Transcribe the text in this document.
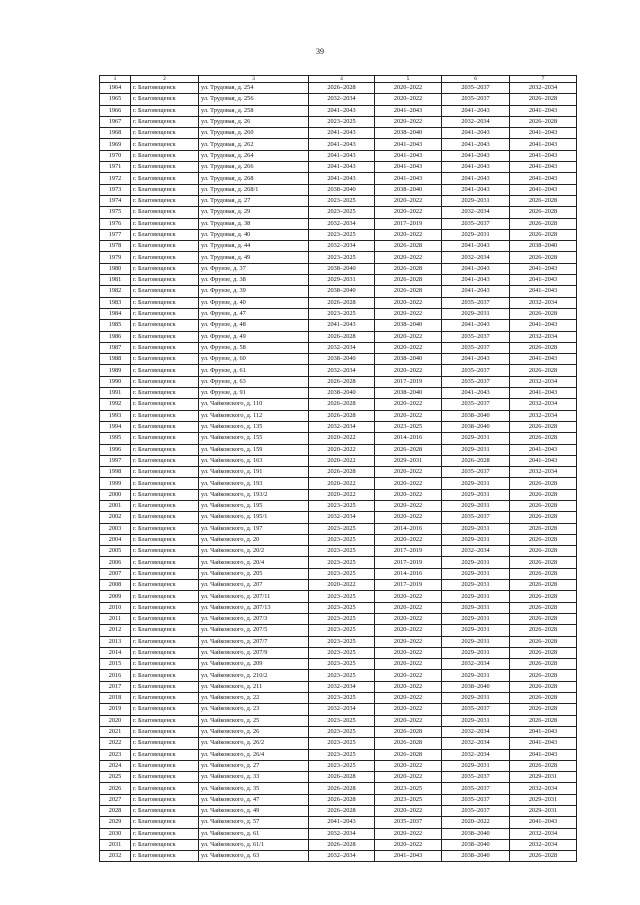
39
1	2	3	4	5	6	7
1964	г. Благовещенск	ул. Трудовая, д. 254	2026–2028	2020–2022	2035–2037	2032–2034
1965	г. Благовещенск	ул. Трудовая, д. 256	2032–2034	2020–2022	2035–2037	2026–2028
1966	г. Благовещенск	ул. Трудовая, д. 258	2041–2043	2041–2043	2041–2043	2041–2043
1967	г. Благовещенск	ул. Трудовая, д. 26	2023–2025	2020–2022	2032–2034	2026–2028
1968	г. Благовещенск	ул. Трудовая, д. 260	2041–2043	2038–2040	2041–2043	2041–2043
1969	г. Благовещенск	ул. Трудовая, д. 262	2041–2043	2041–2043	2041–2043	2041–2043
1970	г. Благовещенск	ул. Трудовая, д. 264	2041–2043	2041–2043	2041–2043	2041–2043
1971	г. Благовещенск	ул. Трудовая, д. 266	2041–2043	2041–2043	2041–2043	2041–2043
1972	г. Благовещенск	ул. Трудовая, д. 268	2041–2043	2041–2043	2041–2043	2041–2043
1973	г. Благовещенск	ул. Трудовая, д. 268/1	2038–2040	2038–2040	2041–2043	2041–2043
1974	г. Благовещенск	ул. Трудовая, д. 27	2023–2025	2020–2022	2029–2031	2026–2028
1975	г. Благовещенск	ул. Трудовая, д. 29	2023–2025	2020–2022	2032–2034	2026–2028
1976	г. Благовещенск	ул. Трудовая, д. 38	2032–2034	2017–2019	2035–2037	2026–2028
1977	г. Благовещенск	ул. Трудовая, д. 40	2023–2025	2020–2022	2029–2031	2026–2028
1978	г. Благовещенск	ул. Трудовая, д. 44	2032–2034	2026–2028	2041–2043	2038–2040
1979	г. Благовещенск	ул. Трудовая, д. 49	2023–2025	2020–2022	2032–2034	2026–2028
1980	г. Благовещенск	ул. Фрунзе, д. 37	2038–2040	2026–2028	2041–2043	2041–2043
1981	г. Благовещенск	ул. Фрунзе, д. 38	2029–2031	2026–2028	2041–2043	2041–2043
1982	г. Благовещенск	ул. Фрунзе, д. 39	2038–2040	2026–2028	2041–2043	2041–2043
1983	г. Благовещенск	ул. Фрунзе, д. 40	2026–2028	2020–2022	2035–2037	2032–2034
1984	г. Благовещенск	ул. Фрунзе, д. 47	2023–2025	2020–2022	2029–2031	2026–2028
1985	г. Благовещенск	ул. Фрунзе, д. 48	2041–2043	2038–2040	2041–2043	2041–2043
1986	г. Благовещенск	ул. Фрунзе, д. 49	2026–2028	2020–2022	2035–2037	2032–2034
1987	г. Благовещенск	ул. Фрунзе, д. 58	2032–2034	2020–2022	2035–2037	2026–2028
1988	г. Благовещенск	ул. Фрунзе, д. 60	2038–2040	2038–2040	2041–2043	2041–2043
1989	г. Благовещенск	ул. Фрунзе, д. 61	2032–2034	2020–2022	2035–2037	2026–2028
1990	г. Благовещенск	ул. Фрунзе, д. 63	2026–2028	2017–2019	2035–2037	2032–2034
1991	г. Благовещенск	ул. Фрунзе, д. 91	2038–2040	2038–2040	2041–2043	2041–2043
1992	г. Благовещенск	ул. Чайковского, д. 110	2026–2028	2020–2022	2035–2037	2032–2034
1993	г. Благовещенск	ул. Чайковского, д. 112	2026–2028	2020–2022	2038–2040	2032–2034
1994	г. Благовещенск	ул. Чайковского, д. 135	2032–2034	2023–2025	2038–2040	2026–2028
1995	г. Благовещенск	ул. Чайковского, д. 155	2020–2022	2014–2016	2029–2031	2026–2028
1996	г. Благовещенск	ул. Чайковского, д. 159	2020–2022	2026–2028	2029–2031	2041–2043
1997	г. Благовещенск	ул. Чайковского, д. 163	2020–2022	2029–2031	2026–2028	2041–2043
1998	г. Благовещенск	ул. Чайковского, д. 191	2026–2028	2020–2022	2035–2037	2032–2034
1999	г. Благовещенск	ул. Чайковского, д. 193	2020–2022	2020–2022	2029–2031	2026–2028
2000	г. Благовещенск	ул. Чайковского, д. 193/2	2020–2022	2020–2022	2029–2031	2026–2028
2001	г. Благовещенск	ул. Чайковского, д. 195	2023–2025	2020–2022	2029–2031	2026–2028
2002	г. Благовещенск	ул. Чайковского, д. 195/1	2032–2034	2020–2022	2035–2037	2026–2028
2003	г. Благовещенск	ул. Чайковского, д. 197	2023–2025	2014–2016	2029–2031	2026–2028
2004	г. Благовещенск	ул. Чайковского, д. 20	2023–2025	2020–2022	2029–2031	2026–2028
2005	г. Благовещенск	ул. Чайковского, д. 20/2	2023–2025	2017–2019	2032–2034	2026–2028
2006	г. Благовещенск	ул. Чайковского, д. 20/4	2023–2025	2017–2019	2029–2031	2026–2028
2007	г. Благовещенск	ул. Чайковского, д. 205	2023–2025	2014–2016	2029–2031	2026–2028
2008	г. Благовещенск	ул. Чайковского, д. 207	2020–2022	2017–2019	2029–2031	2026–2028
2009	г. Благовещенск	ул. Чайковского, д. 207/11	2023–2025	2020–2022	2029–2031	2026–2028
2010	г. Благовещенск	ул. Чайковского, д. 207/13	2023–2025	2020–2022	2029–2031	2026–2028
2011	г. Благовещенск	ул. Чайковского, д. 207/3	2023–2025	2020–2022	2029–2031	2026–2028
2012	г. Благовещенск	ул. Чайковского, д. 207/5	2023–2025	2020–2022	2029–2031	2026–2028
2013	г. Благовещенск	ул. Чайковского, д. 207/7	2023–2025	2020–2022	2029–2031	2026–2028
2014	г. Благовещенск	ул. Чайковского, д. 207/9	2023–2025	2020–2022	2029–2031	2026–2028
2015	г. Благовещенск	ул. Чайковского, д. 209	2023–2025	2020–2022	2032–2034	2026–2028
2016	г. Благовещенск	ул. Чайковского, д. 210/2	2023–2025	2020–2022	2029–2031	2026–2028
2017	г. Благовещенск	ул. Чайковского, д. 211	2032–2034	2020–2022	2038–2040	2026–2028
2018	г. Благовещенск	ул. Чайковского, д. 22	2023–2025	2020–2022	2029–2031	2026–2028
2019	г. Благовещенск	ул. Чайковского, д. 23	2032–2034	2020–2022	2035–2037	2026–2028
2020	г. Благовещенск	ул. Чайковского, д. 25	2023–2025	2020–2022	2029–2031	2026–2028
2021	г. Благовещенск	ул. Чайковского, д. 26	2023–2025	2026–2028	2032–2034	2041–2043
2022	г. Благовещенск	ул. Чайковского, д. 26/2	2023–2025	2026–2028	2032–2034	2041–2043
2023	г. Благовещенск	ул. Чайковского, д. 26/4	2023–2025	2026–2028	2032–2034	2041–2043
2024	г. Благовещенск	ул. Чайковского, д. 27	2023–2025	2020–2022	2029–2031	2026–2028
2025	г. Благовещенск	ул. Чайковского, д. 33	2026–2028	2020–2022	2035–2037	2029–2031
2026	г. Благовещенск	ул. Чайковского, д. 35	2026–2028	2023–2025	2035–2037	2032–2034
2027	г. Благовещенск	ул. Чайковского, д. 47	2026–2028	2023–2025	2035–2037	2029–2031
2028	г. Благовещенск	ул. Чайковского, д. 49	2026–2028	2020–2022	2035–2037	2029–2031
2029	г. Благовещенск	ул. Чайковского, д. 57	2041–2043	2035–2037	2020–2022	2041–2043
2030	г. Благовещенск	ул. Чайковского, д. 61	2032–2034	2020–2022	2038–2040	2032–2034
2031	г. Благовещенск	ул. Чайковского, д. 61/1	2026–2028	2020–2022	2038–2040	2032–2034
2032	г. Благовещенск	ул. Чайковского, д. 63	2032–2034	2041–2043	2038–2040	2026–2028
